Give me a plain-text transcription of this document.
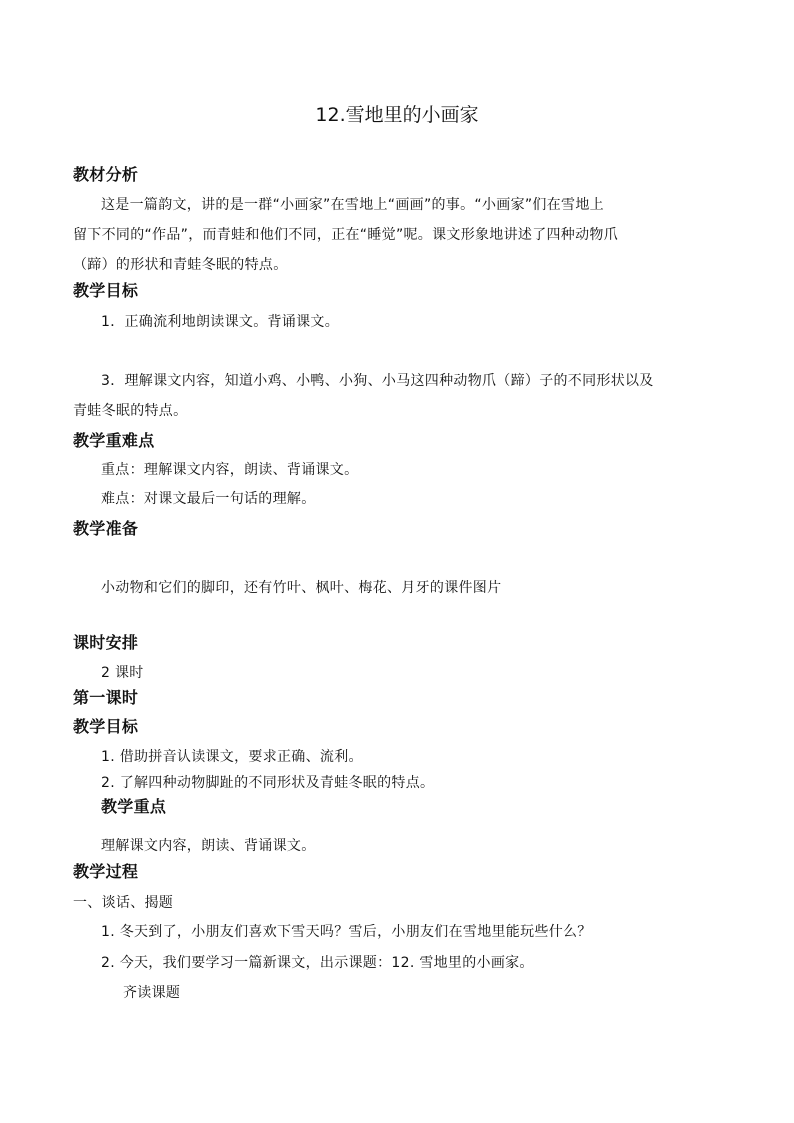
12.雪地里的小画家
教材分析
这是一篇韵文，讲的是一群“小画家”在雪地上“画画”的事。“小画家”们在雪地上
留下不同的“作品”，而青蛙和他们不同，正在“睡觉”呢。课文形象地讲述了四种动物爪
（蹄）的形状和青蛙冬眠的特点。
教学目标
1．正确流利地朗读课文。背诵课文。
3．理解课文内容，知道小鸡、小鸭、小狗、小马这四种动物爪（蹄）子的不同形状以及
青蛙冬眠的特点。
教学重难点
重点：理解课文内容，朗读、背诵课文。
难点：对课文最后一句话的理解。
教学准备
小动物和它们的脚印，还有竹叶、枫叶、梅花、月牙的课件图片
课时安排
2 课时
第一课时
教学目标
1. 借助拼音认读课文，要求正确、流利。
2. 了解四种动物脚趾的不同形状及青蛙冬眠的特点。
教学重点
理解课文内容，朗读、背诵课文。
教学过程
一、谈话、揭题
1. 冬天到了，小朋友们喜欢下雪天吗？雪后，小朋友们在雪地里能玩些什么？
2. 今天，我们要学习一篇新课文，出示课题：12. 雪地里的小画家。
齐读课题
